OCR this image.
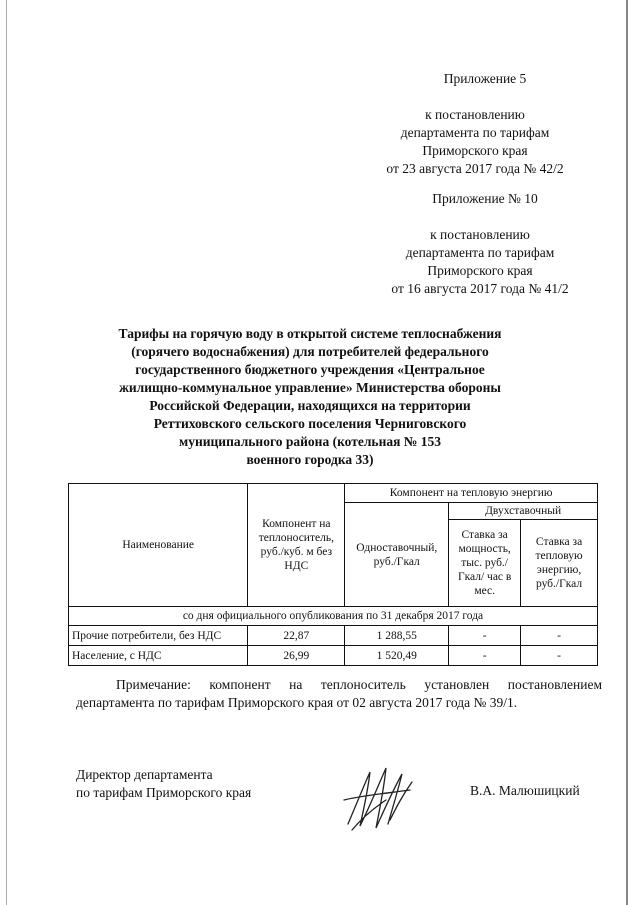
Приложение 5
к постановлению
департамента по тарифам
Приморского края
от 23 августа 2017 года № 42/2
Приложение № 10
к постановлению
департамента по тарифам
Приморского края
от 16 августа 2017 года № 41/2
Тарифы на горячую воду в открытой системе теплоснабжения
(горячего водоснабжения) для потребителей федерального
государственного бюджетного учреждения «Центральное
жилищно-коммунальное управление» Министерства обороны
Российской Федерации, находящихся на территории
Реттиховского сельского поселения Черниговского
муниципального района (котельная № 153
военного городка 33)
Наименование	Компонент на теплоноситель, руб./куб. м без НДС	Компонент на тепловую энергию		
		Одноставочный, руб./Гкал	Двухставочный	
			Ставка за мощность, тыс. руб./Гкал/ час в мес.	Ставка за тепловую энергию, руб./Гкал
со дня официального опубликования по 31 декабря 2017 года				
Прочие потребители, без НДС	22,87	1 288,55	-	-
Население, с НДС	26,99	1 520,49	-	-
Примечание: компонент на теплоноситель установлен постановлением
департамента по тарифам Приморского края от 02 августа 2017 года № 39/1.
Директор департамента
по тарифам Приморского края	В.А. Малюшицкий
